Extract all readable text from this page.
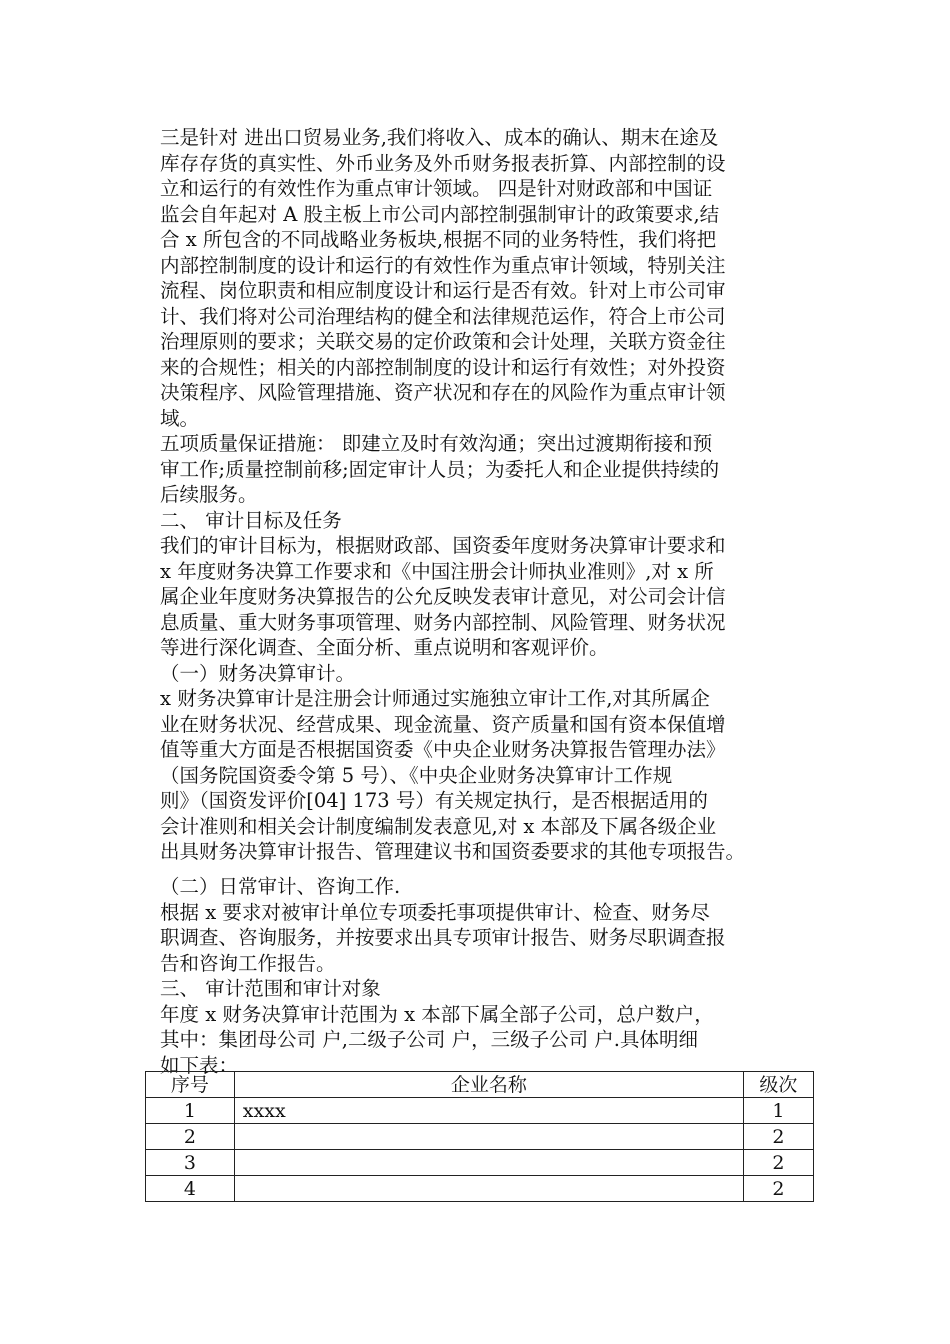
三是针对 进出口贸易业务,我们将收入、成本的确认、期末在途及
库存存货的真实性、外币业务及外币财务报表折算、内部控制的设
立和运行的有效性作为重点审计领域。 四是针对财政部和中国证
监会自年起对 A 股主板上市公司内部控制强制审计的政策要求,结
合 x 所包含的不同战略业务板块,根据不同的业务特性，我们将把
内部控制制度的设计和运行的有效性作为重点审计领域，特别关注
流程、岗位职责和相应制度设计和运行是否有效。针对上市公司审
计、我们将对公司治理结构的健全和法律规范运作，符合上市公司
治理原则的要求；关联交易的定价政策和会计处理，关联方资金往
来的合规性；相关的内部控制制度的设计和运行有效性；对外投资
决策程序、风险管理措施、资产状况和存在的风险作为重点审计领
域。
五项质量保证措施： 即建立及时有效沟通；突出过渡期衔接和预
审工作;质量控制前移;固定审计人员；为委托人和企业提供持续的
后续服务。
二、 审计目标及任务
我们的审计目标为，根据财政部、国资委年度财务决算审计要求和
x 年度财务决算工作要求和《中国注册会计师执业准则》,对 x 所
属企业年度财务决算报告的公允反映发表审计意见，对公司会计信
息质量、重大财务事项管理、财务内部控制、风险管理、财务状况
等进行深化调查、全面分析、重点说明和客观评价。
（一）财务决算审计。
x 财务决算审计是注册会计师通过实施独立审计工作,对其所属企
业在财务状况、经营成果、现金流量、资产质量和国有资本保值增
值等重大方面是否根据国资委《中央企业财务决算报告管理办法》
（国务院国资委令第 5 号）、《中央企业财务决算审计工作规
则》（国资发评价[04] 173 号）有关规定执行，是否根据适用的
会计准则和相关会计制度编制发表意见,对 x 本部及下属各级企业
出具财务决算审计报告、管理建议书和国资委要求的其他专项报告。
（二）日常审计、咨询工作.
根据 x 要求对被审计单位专项委托事项提供审计、检查、财务尽
职调查、咨询服务，并按要求出具专项审计报告、财务尽职调查报
告和咨询工作报告。
三、 审计范围和审计对象
年度 x 财务决算审计范围为 x 本部下属全部子公司，总户数户，
其中：集团母公司 户,二级子公司 户，三级子公司 户.具体明细
如下表：
序号	企业名称	级次
1	xxxx	1
2		2
3		2
4		2
